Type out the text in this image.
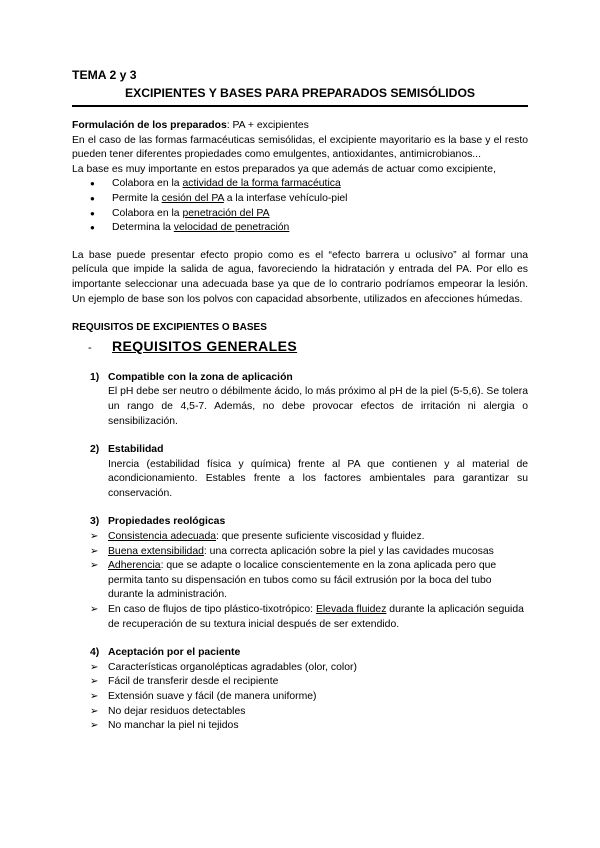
TEMA 2 y 3
EXCIPIENTES Y BASES PARA PREPARADOS SEMISÓLIDOS

Formulación de los preparados: PA + excipientes

En el caso de las formas farmacéuticas semisólidas, el excipiente mayoritario es la base y el resto pueden tener diferentes propiedades como emulgentes, antioxidantes, antimicrobianos...

La base es muy importante en estos preparados ya que además de actuar como excipiente,

● Colabora en la actividad de la forma farmacéutica
● Permite la cesión del PA a la interfase vehículo-piel
● Colabora en la penetración del PA
● Determina la velocidad de penetración

La base puede presentar efecto propio como es el “efecto barrera u oclusivo” al formar una película que impide la salida de agua, favoreciendo la hidratación y entrada del PA. Por ello es importante seleccionar una adecuada base ya que de lo contrario podríamos empeorar la lesión. Un ejemplo de base son los polvos con capacidad absorbente, utilizados en afecciones húmedas.

REQUISITOS DE EXCIPIENTES O BASES
-	REQUISITOS GENERALES
1) Compatible con la zona de aplicación

El pH debe ser neutro o débilmente ácido, lo más próximo al pH de la piel (5-5,6). Se tolera un rango de 4,5-7. Además, no debe provocar efectos de irritación ni alergia o sensibilización.

2) Estabilidad

Inercia (estabilidad física y química) frente al PA que contienen y al material de acondicionamiento. Estables frente a los factores ambientales para garantizar su conservación.

3) Propiedades reológicas
➢ Consistencia adecuada: que presente suficiente viscosidad y fluidez.
➢ Buena extensibilidad: una correcta aplicación sobre la piel y las cavidades mucosas
➢ Adherencia: que se adapte o localice conscientemente en la zona aplicada pero que permita tanto su dispensación en tubos como su fácil extrusión por la boca del tubo durante la administración.
➢ En caso de flujos de tipo plástico-tixotrópico: Elevada fluidez durante la aplicación seguida de recuperación de su textura inicial después de ser extendido.
4) Aceptación por el paciente
➢ Características organolépticas agradables (olor, color)
➢ Fácil de transferir desde el recipiente
➢ Extensión suave y fácil (de manera uniforme)
➢ No dejar residuos detectables
➢ No manchar la piel ni tejidos
